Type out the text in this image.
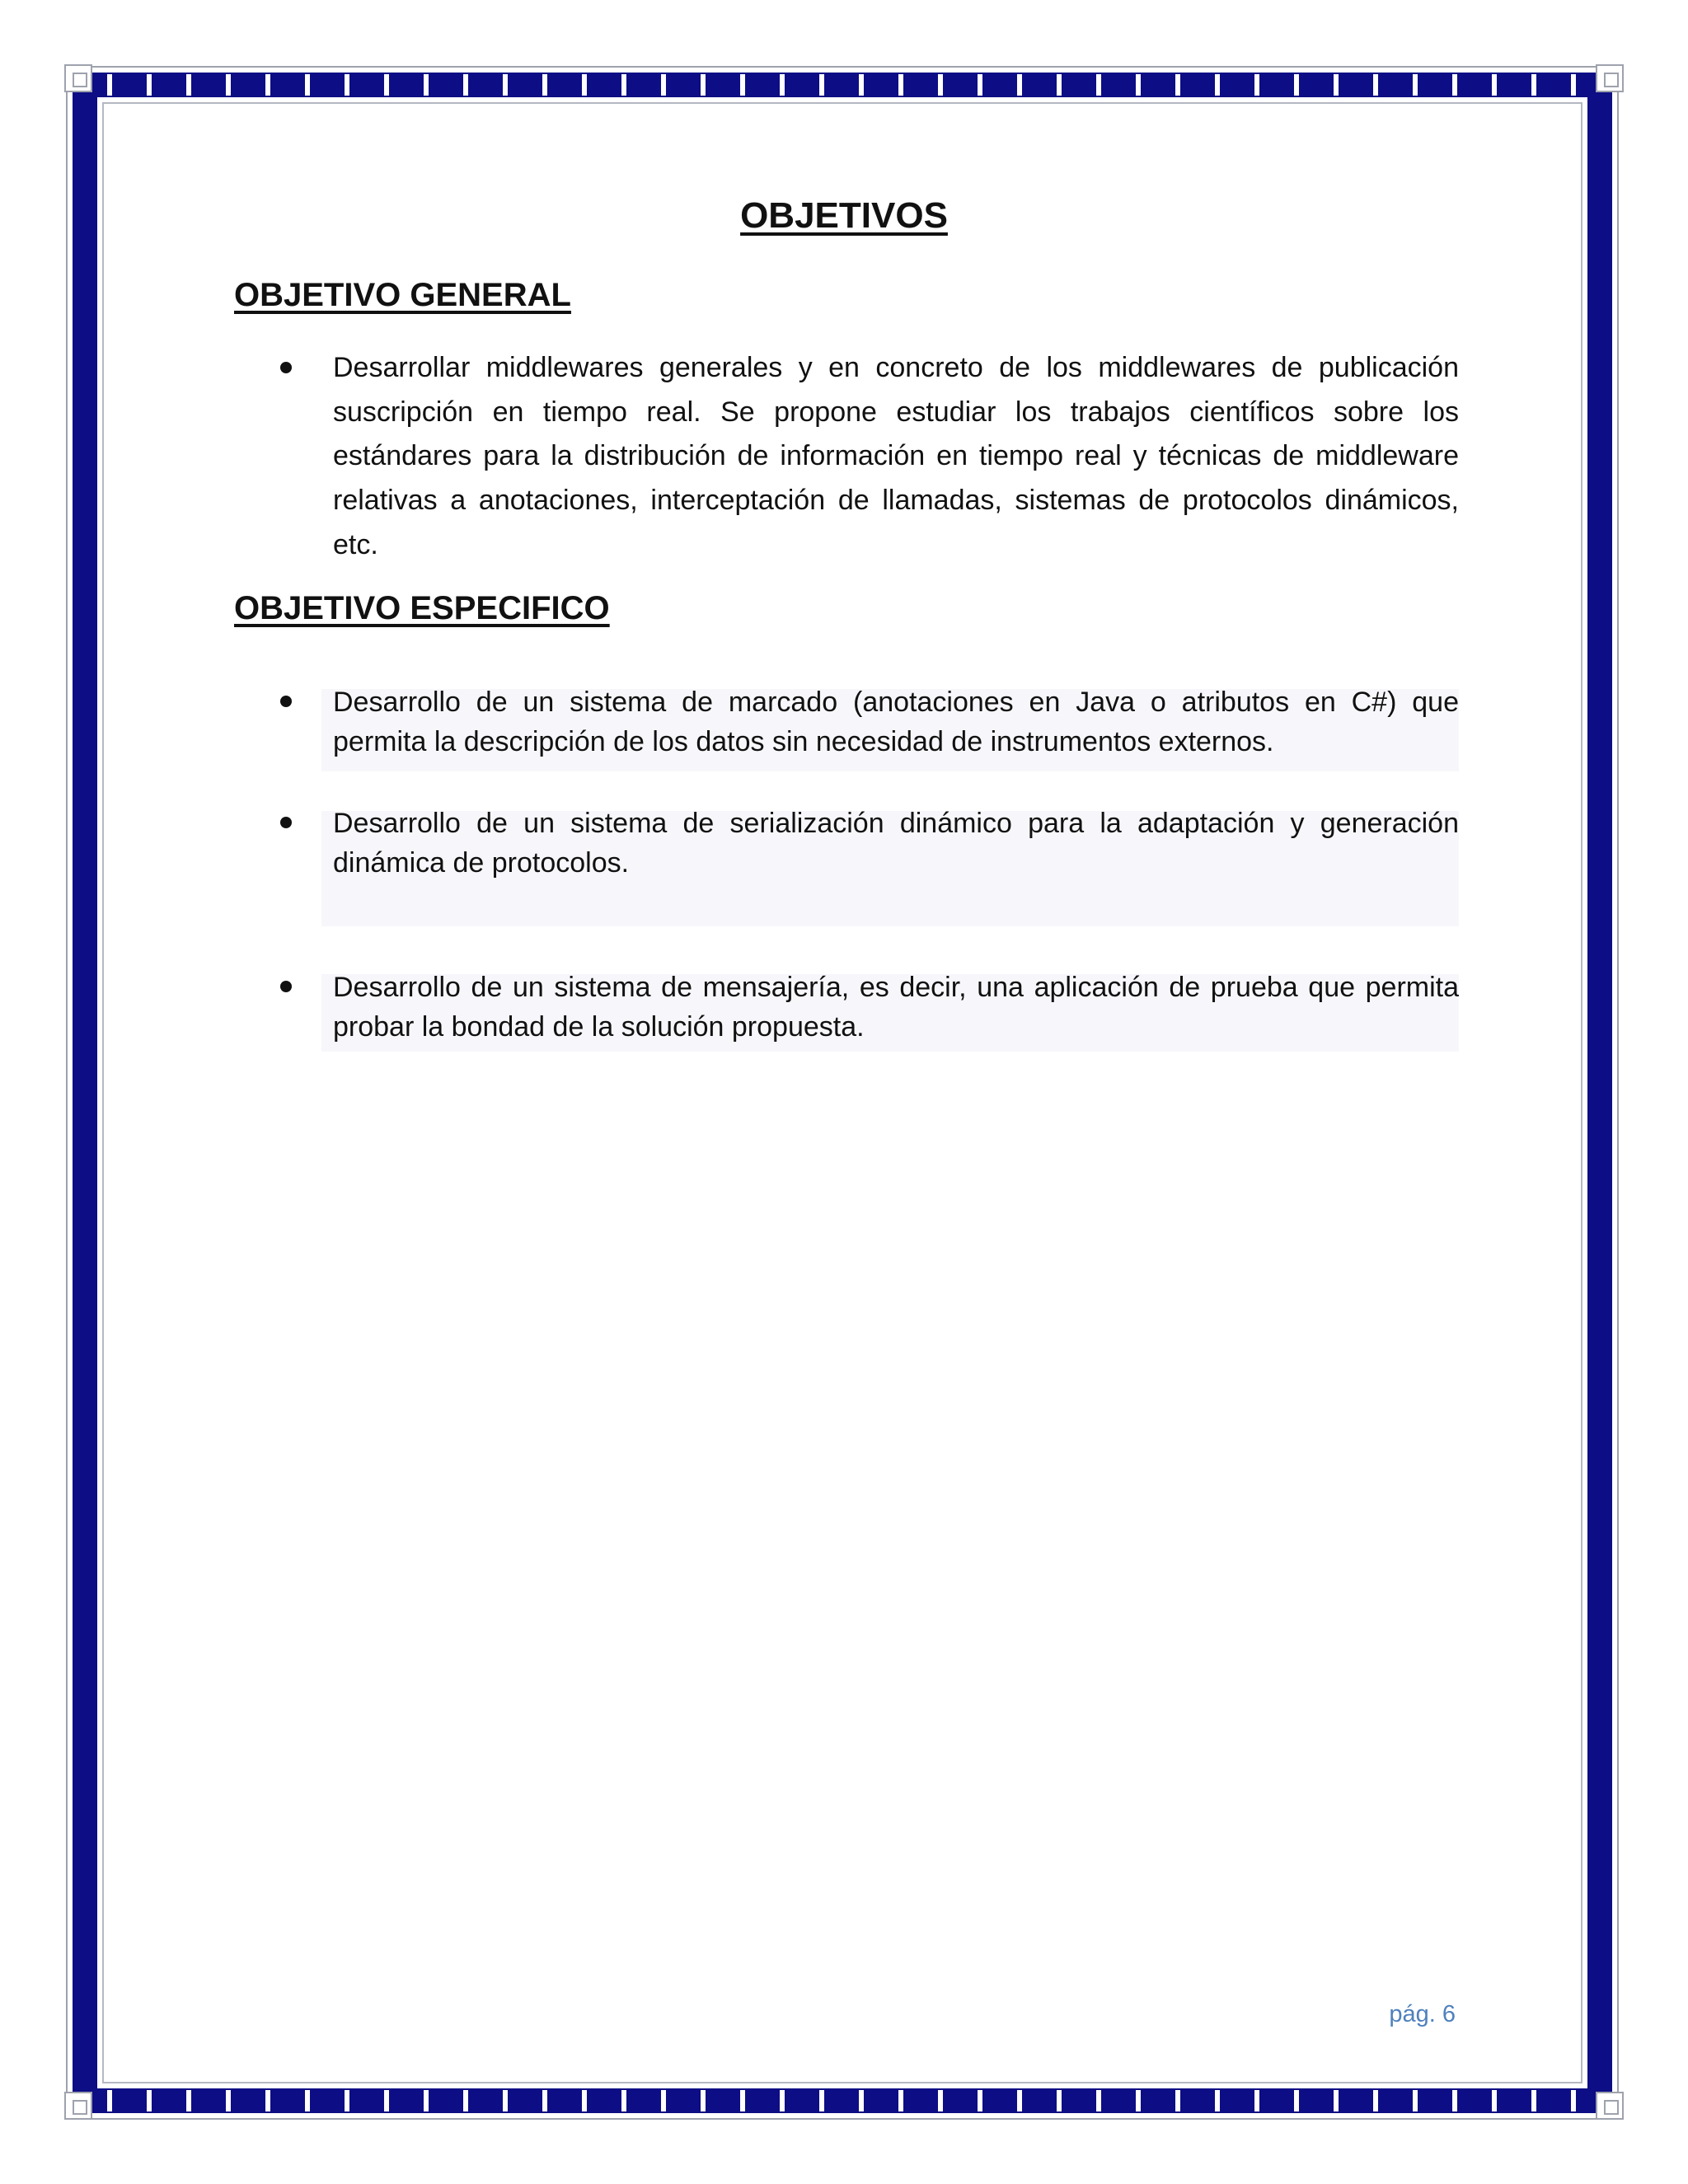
OBJETIVOS
OBJETIVO GENERAL
Desarrollar middlewares generales y en concreto de los middlewares de publicación suscripción en tiempo real. Se propone estudiar los trabajos científicos sobre los estándares para la distribución de información en tiempo real y técnicas de middleware relativas a anotaciones, interceptación de llamadas, sistemas de protocolos dinámicos, etc.
OBJETIVO ESPECIFICO
Desarrollo de un sistema de marcado (anotaciones en Java o atributos en C#) que permita la descripción de los datos sin necesidad de instrumentos externos.
Desarrollo de un sistema de serialización dinámico para la adaptación y generación dinámica de protocolos.
Desarrollo de un sistema de mensajería, es decir, una aplicación de prueba que permita probar la bondad de la solución propuesta.
pág. 6
